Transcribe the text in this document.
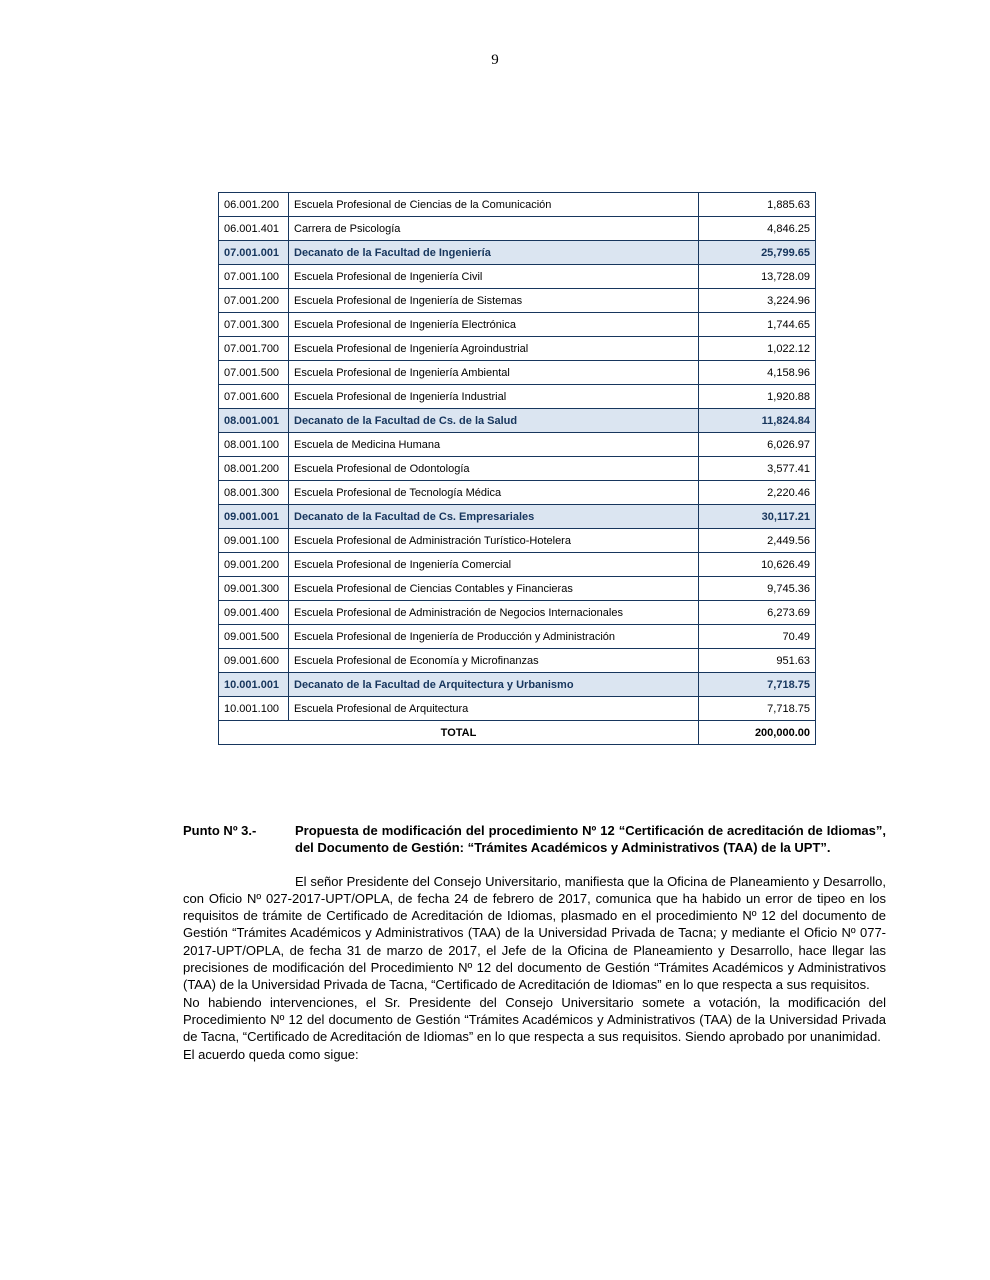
9
06.001.200	Escuela Profesional de Ciencias de la Comunicación	1,885.63
06.001.401	Carrera de Psicología	4,846.25
07.001.001	Decanato de la Facultad de Ingeniería	25,799.65
07.001.100	Escuela Profesional de Ingeniería Civil	13,728.09
07.001.200	Escuela Profesional de Ingeniería de Sistemas	3,224.96
07.001.300	Escuela Profesional de Ingeniería Electrónica	1,744.65
07.001.700	Escuela Profesional de Ingeniería Agroindustrial	1,022.12
07.001.500	Escuela Profesional de Ingeniería Ambiental	4,158.96
07.001.600	Escuela Profesional de Ingeniería Industrial	1,920.88
08.001.001	Decanato de la Facultad de Cs. de la Salud	11,824.84
08.001.100	Escuela de Medicina Humana	6,026.97
08.001.200	Escuela Profesional de Odontología	3,577.41
08.001.300	Escuela Profesional de Tecnología Médica	2,220.46
09.001.001	Decanato de la Facultad de Cs. Empresariales	30,117.21
09.001.100	Escuela Profesional de Administración Turístico-Hotelera	2,449.56
09.001.200	Escuela Profesional de Ingeniería Comercial	10,626.49
09.001.300	Escuela Profesional de Ciencias Contables y Financieras	9,745.36
09.001.400	Escuela Profesional de Administración de Negocios Internacionales	6,273.69
09.001.500	Escuela Profesional de Ingeniería de Producción y Administración	70.49
09.001.600	Escuela Profesional de Economía y Microfinanzas	951.63
10.001.001	Decanato de la Facultad de Arquitectura y Urbanismo	7,718.75
10.001.100	Escuela Profesional de Arquitectura	7,718.75
TOTAL		200,000.00
Punto Nº 3.-	Propuesta de modificación del procedimiento Nº 12 “Certificación de acreditación de Idiomas”, del Documento de Gestión: “Trámites Académicos y Administrativos (TAA) de la UPT”.
El señor Presidente del Consejo Universitario, manifiesta que la Oficina de Planeamiento y Desarrollo, con Oficio Nº 027-2017-UPT/OPLA, de fecha 24 de febrero de 2017, comunica que ha habido un error de tipeo en los requisitos de trámite de Certificado de Acreditación de Idiomas, plasmado en el procedimiento Nº 12 del documento de Gestión “Trámites Académicos y Administrativos (TAA) de la Universidad Privada de Tacna; y mediante el Oficio Nº 077-2017-UPT/OPLA, de fecha 31 de marzo de 2017, el Jefe de la Oficina de Planeamiento y Desarrollo, hace llegar las precisiones de modificación del Procedimiento Nº 12 del documento de Gestión “Trámites Académicos y Administrativos (TAA) de la Universidad Privada de Tacna, “Certificado de Acreditación de Idiomas” en lo que respecta a sus requisitos.
No habiendo intervenciones, el Sr. Presidente del Consejo Universitario somete a votación, la modificación del Procedimiento Nº 12 del documento de Gestión “Trámites Académicos y Administrativos (TAA) de la Universidad Privada de Tacna, “Certificado de Acreditación de Idiomas” en lo que respecta a sus requisitos. Siendo aprobado por unanimidad.
El acuerdo queda como sigue:
